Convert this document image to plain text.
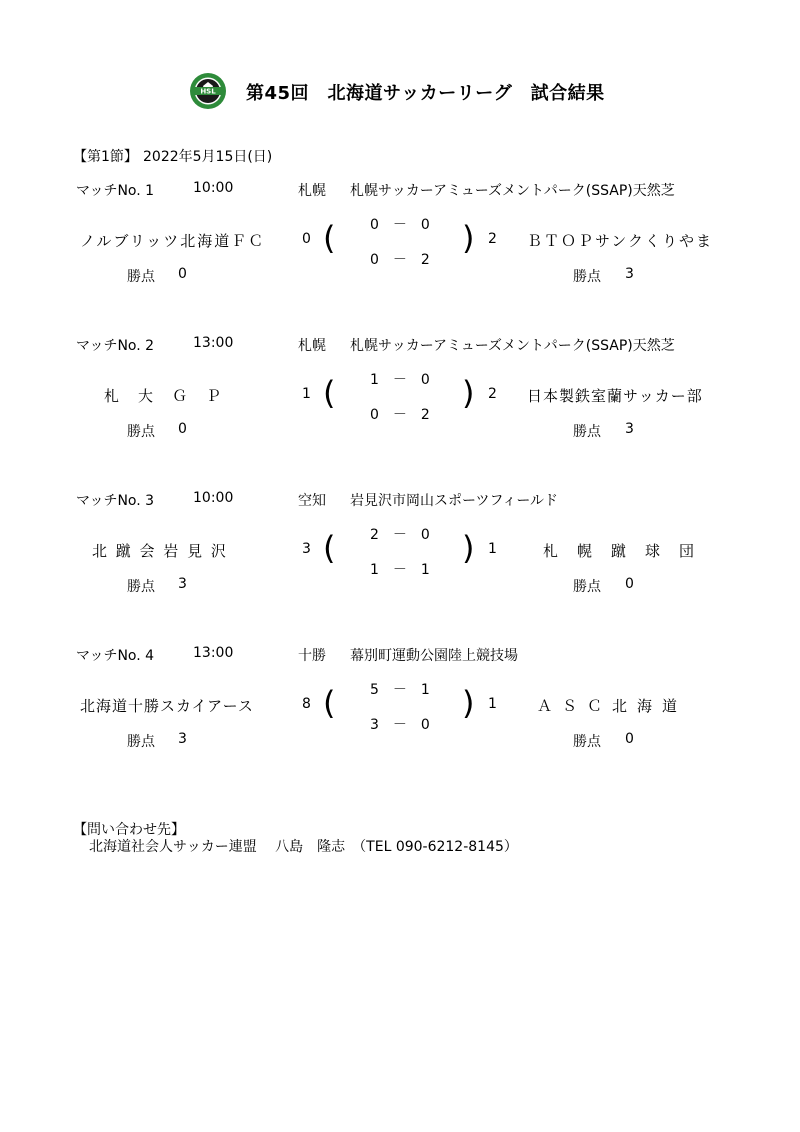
HSL 第45回　北海道サッカーリーグ　試合結果
【第1節】 2022年5月15日(日)
マッチNo. 1	10:00	札幌 札幌サッカーアミューズメントパーク(SSAP)天然芝
ノルブリッツ北海道ＦＣ	0 ( 0　－　0
0　－　2
) 2 ＢＴＯＰサンクくりやま
勝点 0	勝点 3
マッチNo. 2	13:00	札幌 札幌サッカーアミューズメントパーク(SSAP)天然芝
札　大　Ｇ　Ｐ	1 ( 1　－　0
0　－　2
) 2 日本製鉄室蘭サッカー部
勝点 0	勝点 3
マッチNo. 3	10:00	空知 岩見沢市岡山スポーツフィールド
北 蹴 会 岩 見 沢	3 ( 2　－　0
1　－　1
) 1	札　幌　蹴　球　団
勝点 3	勝点 0
マッチNo. 4	13:00	十勝 幕別町運動公園陸上競技場
北海道十勝スカイアース	8 ( 5　－　1
3　－　0
) 1	ＡＳＣ北海道
勝点 3	勝点 0
【問い合わせ先】
北海道社会人サッカー連盟　 八島　隆志　（TEL 090-6212-8145）
